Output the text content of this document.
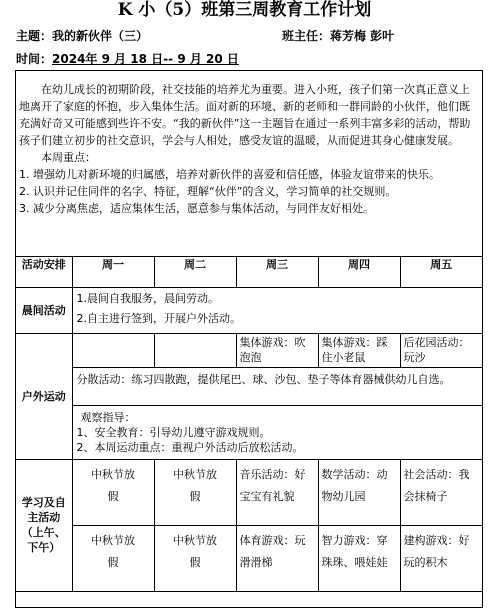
K 小（5）班第三周教育工作计划
主题：我的新伙伴（三）	班主任：蒋芳梅 彭叶
时间：2024年 9 月 18 日-- 9 月 20 日

在幼儿成长的初期阶段，社交技能的培养尤为重要。进入小班，孩子们第一次真正意义上地离开了家庭的怀抱，步入集体生活。面对新的环境、新的老师和一群同龄的小伙伴，他们既充满好奇又可能感到些许不安。“我的新伙伴”这一主题旨在通过一系列丰富多彩的活动，帮助孩子们建立初步的社交意识，学会与人相处，感受友谊的温暖，从而促进其身心健康发展。

本周重点：

1. 增强幼儿对新环境的归属感，培养对新伙伴的喜爱和信任感，体验友谊带来的快乐。

2. 认识并记住同伴的名字、特征，理解“伙伴”的含义，学习简单的社交规则。

3. 减少分离焦虑，适应集体生活，愿意参与集体活动，与同伴友好相处。

活动安排	周一	周二	周三	周四	周五
晨间活动	1.晨间自我服务，晨间劳动。

2.自主进行签到，开展户外活动。				

户外运动			集体游戏：吹泡泡	集体游戏：踩住小老鼠	后花园活动：玩沙
	分散活动：练习四散跑，提供尾巴、球、沙包、垫子等体育器械供幼儿自选。				

	观察指导：
1、安全教育：引导幼儿遵守游戏规则。
2、本周运动重点：重视户外活动后放松活动。				

学习及自
主活动
（上午、
下午）	中秋节放假	中秋节放假	音乐活动：好宝宝有礼貌	数学活动：动物幼儿园	社会活动：我会抹椅子
	中秋节放假	中秋节放假	体育游戏：玩滑滑梯	智力游戏：穿珠珠、喂娃娃	建构游戏：好玩的积木
